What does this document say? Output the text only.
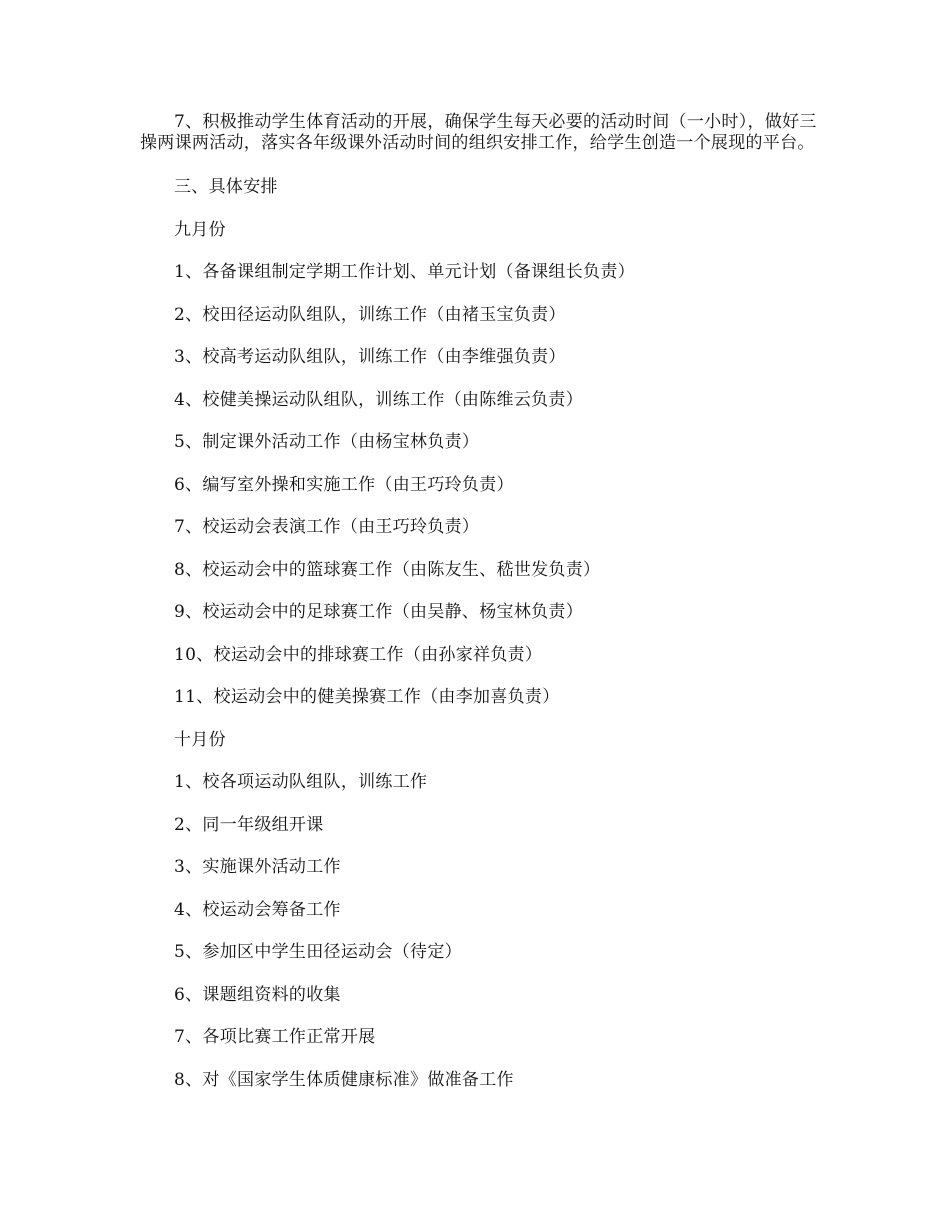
7、积极推动学生体育活动的开展，确保学生每天必要的活动时间（一小时），做好三操两课两活动，落实各年级课外活动时间的组织安排工作，给学生创造一个展现的平台。

三、具体安排

九月份

1、各备课组制定学期工作计划、单元计划（备课组长负责）

2、校田径运动队组队，训练工作（由褚玉宝负责）

3、校高考运动队组队，训练工作（由李维强负责）

4、校健美操运动队组队，训练工作（由陈维云负责）

5、制定课外活动工作（由杨宝林负责）

6、编写室外操和实施工作（由王巧玲负责）

7、校运动会表演工作（由王巧玲负责）

8、校运动会中的篮球赛工作（由陈友生、嵇世发负责）

9、校运动会中的足球赛工作（由吴静、杨宝林负责）

10、校运动会中的排球赛工作（由孙家祥负责）

11、校运动会中的健美操赛工作（由李加喜负责）

十月份

1、校各项运动队组队，训练工作

2、同一年级组开课

3、实施课外活动工作

4、校运动会筹备工作

5、参加区中学生田径运动会（待定）

6、课题组资料的收集

7、各项比赛工作正常开展

8、对《国家学生体质健康标准》做准备工作
